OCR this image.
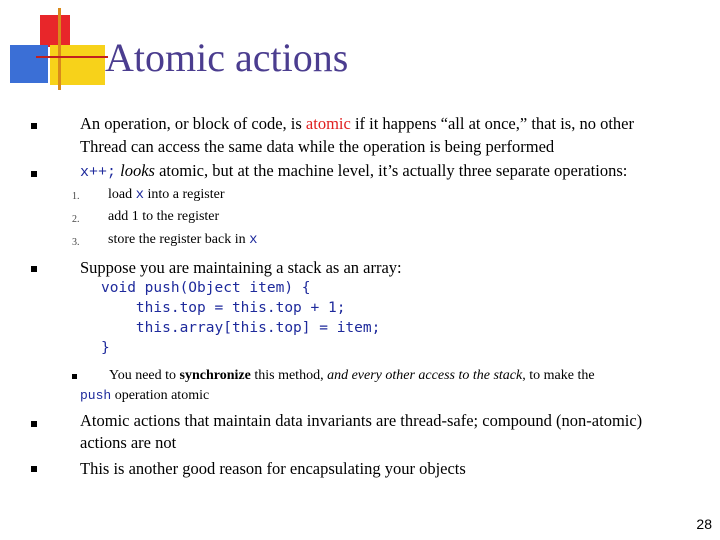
Atomic actions
An operation, or block of code, is atomic if it happens “all at once,” that is, no other
Thread can access the same data while the operation is being performed
x++; looks atomic, but at the machine level, it’s actually three separate operations:
1. load x into a register
2. add 1 to the register
3. store the register back in x
Suppose you are maintaining a stack as an array:
void push(Object item) {
this.top = this.top + 1;
this.array[this.top] = item;
}
You need to synchronize this method, and every other access to the stack, to make the
push operation atomic
Atomic actions that maintain data invariants are thread-safe; compound (non-atomic)
actions are not
This is another good reason for encapsulating your objects
28
